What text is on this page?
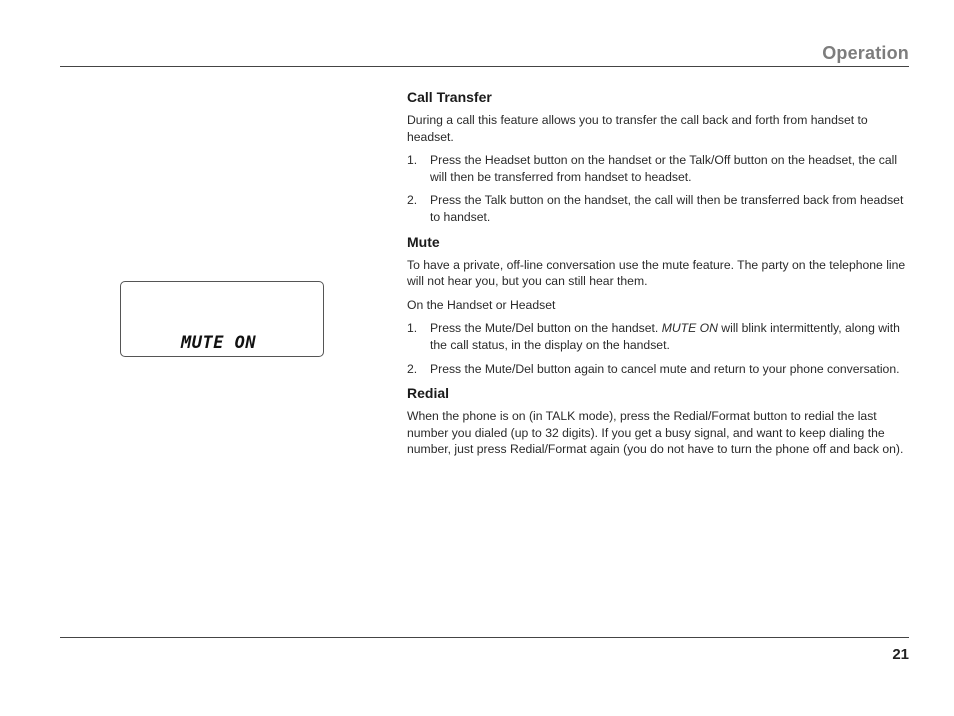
Operation
MUTE ON
Call Transfer

During a call this feature allows you to transfer the call back and forth from handset to headset.

1. Press the Headset button on the handset or the Talk/Off button on the headset, the call will then be transferred from handset to headset.
2. Press the Talk button on the handset, the call will then be transferred back from headset to handset.
Mute

To have a private, off-line conversation use the mute feature. The party on the telephone line will not hear you, but you can still hear them.

On the Handset or Headset

1. Press the Mute/Del button on the handset. MUTE ON will blink intermittently, along with the call status, in the display on the handset.
2. Press the Mute/Del button again to cancel mute and return to your phone conversation.
Redial

When the phone is on (in TALK mode), press the Redial/Format button to redial the last number you dialed (up to 32 digits). If you get a busy signal, and want to keep dialing the number, just press Redial/Format again (you do not have to turn the phone off and back on).

21
